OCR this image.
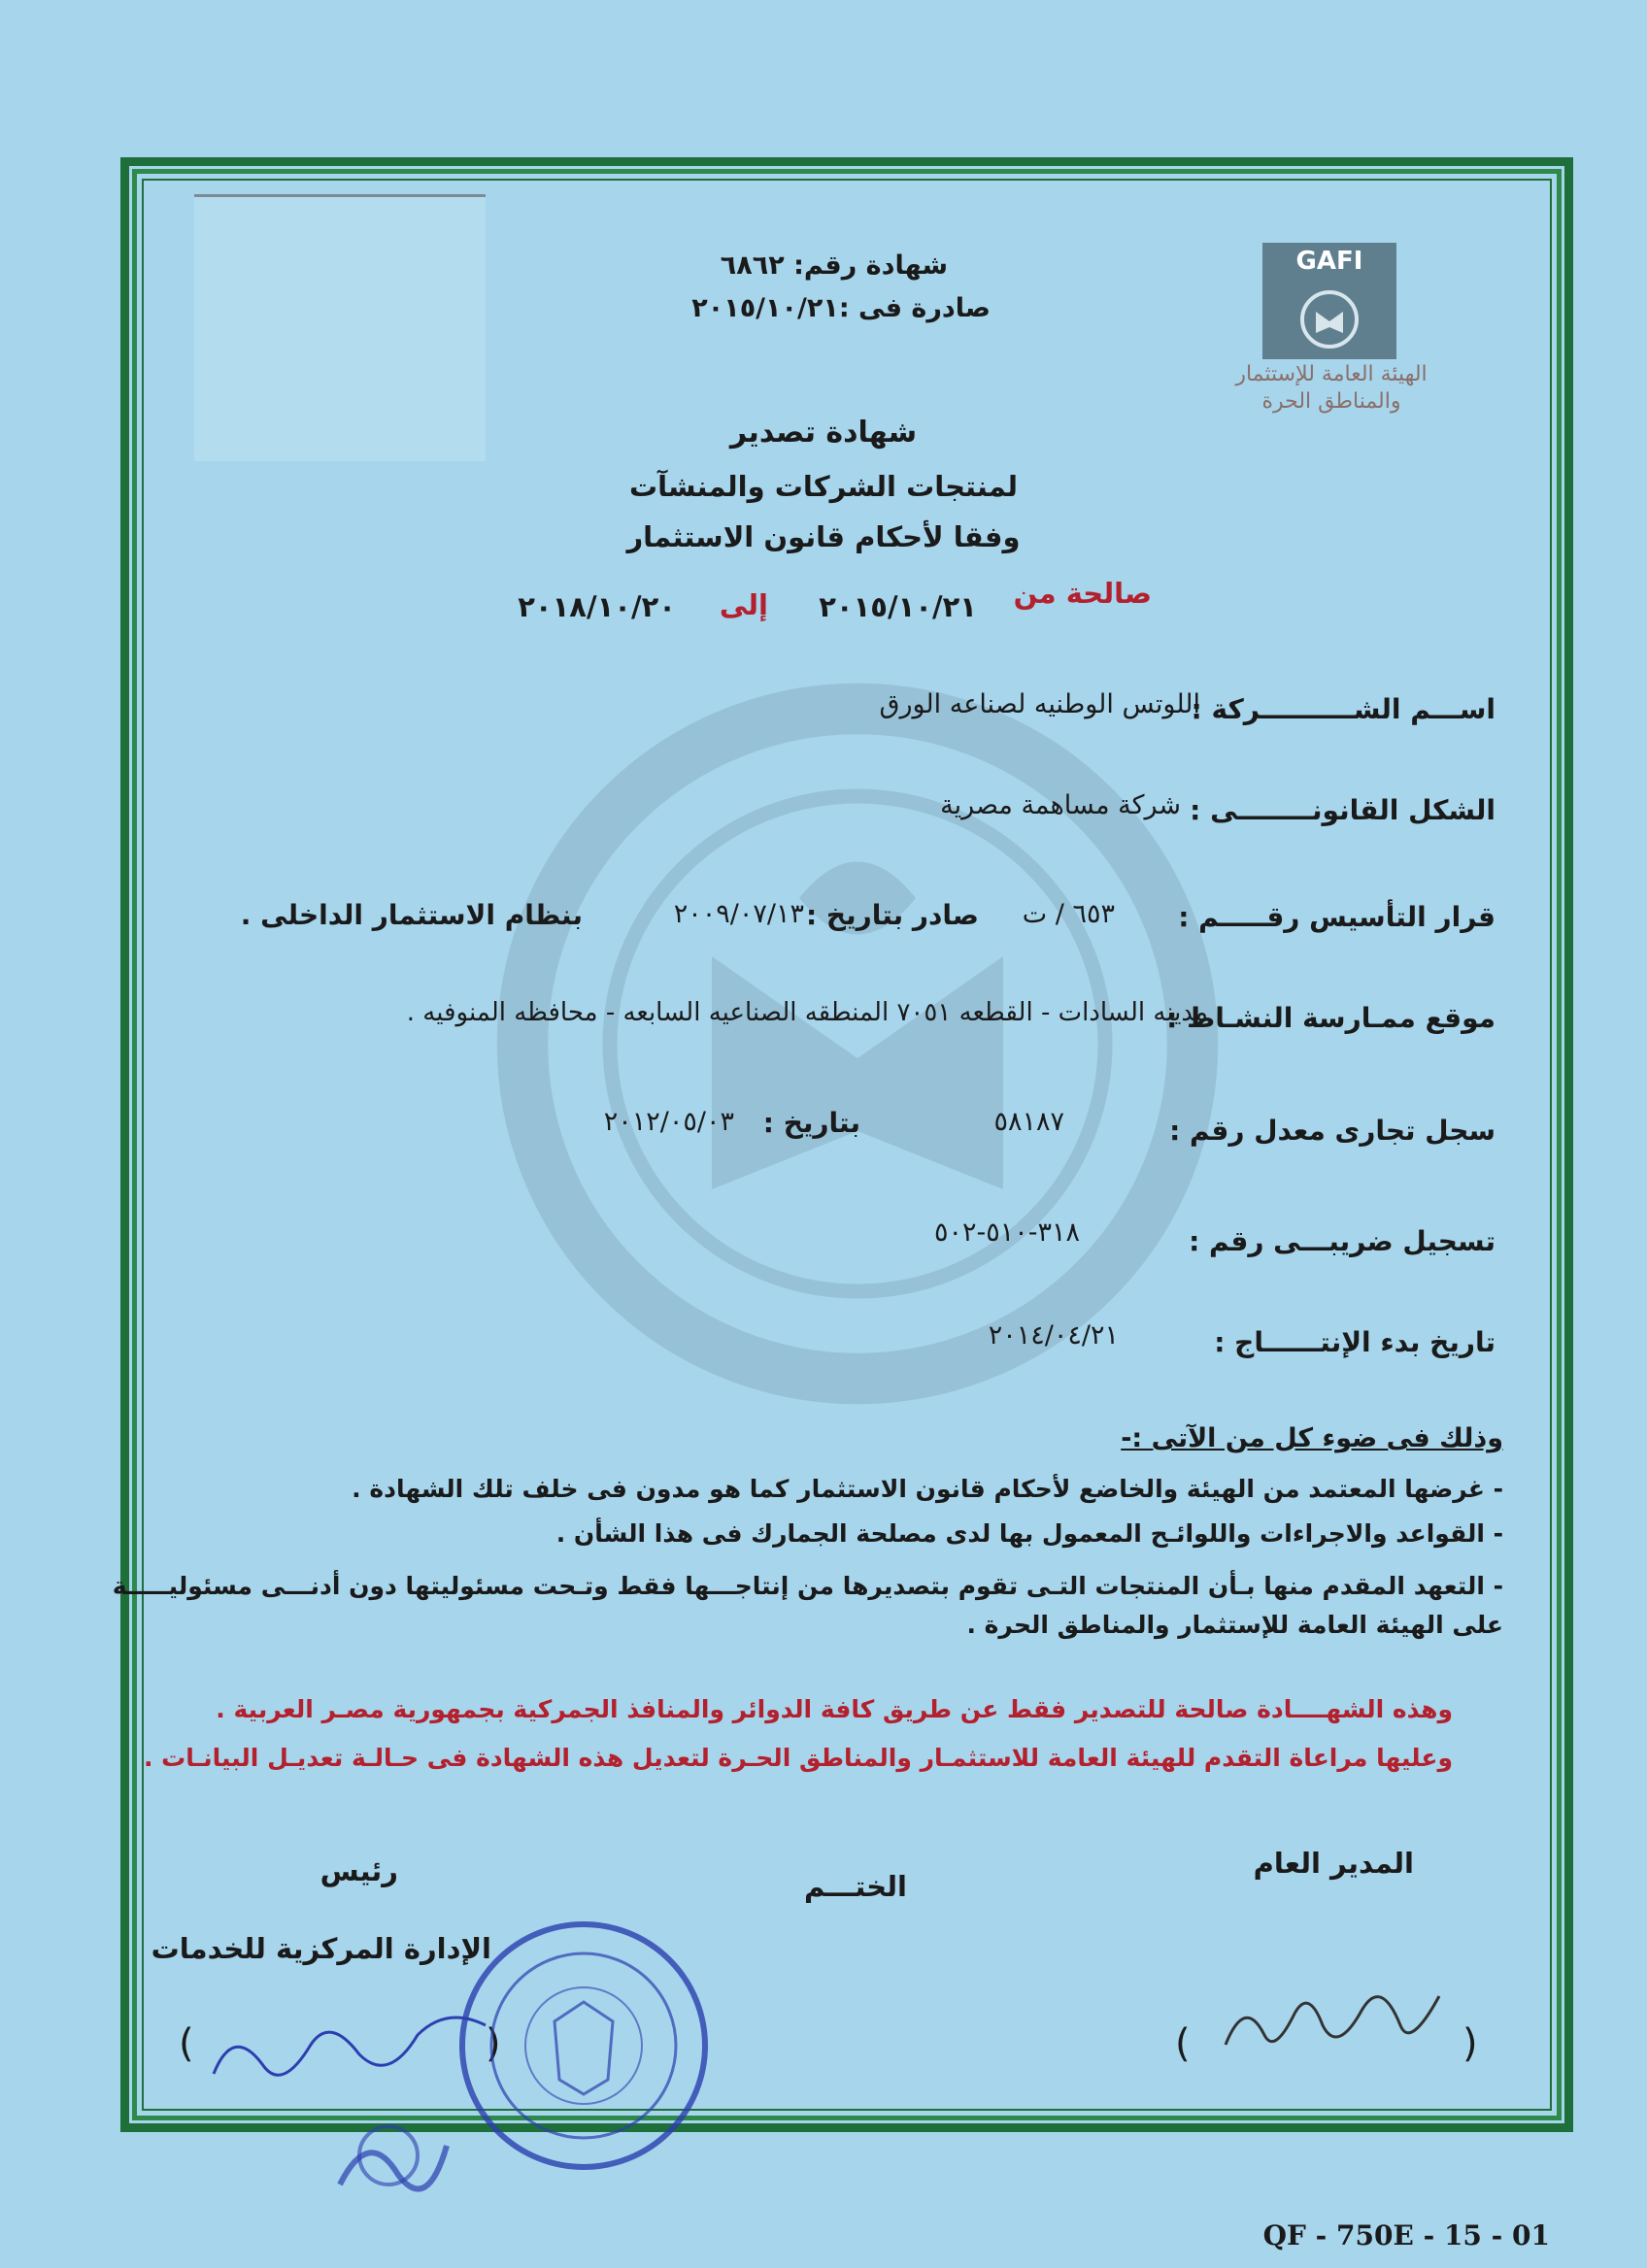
GAFI
الهيئة العامة للإستثمار
والمناطق الحرة
شهادة رقم: ٦٨٦٢
صادرة فى :٢٠١٥/١٠/٢١
شهادة تصدير
لمنتجات الشركات والمنشآت
وفقا لأحكام قانون الاستثمار
صالحة من
٢٠١٥/١٠/٢١
إلى
٢٠١٨/١٠/٢٠
اســـم الشــــــــــركة :
اللوتس الوطنيه لصناعه الورق
الشكل القانونــــــــى :
شركة مساهمة مصرية
قرار التأسيس رقـــــم :
٦٥٣ / ت
صادر بتاريخ :
٢٠٠٩/٠٧/١٣
بنظام الاستثمار الداخلى .
موقع ممـارسة النشـاط :
مدينه السادات - القطعه ٧٠٥١ المنطقه الصناعيه السابعه - محافظه المنوفيه .
سجل تجارى معدل رقم :
٥٨١٨٧
بتاريخ :
٢٠١٢/٠٥/٠٣
تسجيل ضريبـــى رقم :
٣١٨-٥١٠-٥٠٢
تاريخ بدء الإنتــــــاج :
٢٠١٤/٠٤/٢١
وذلك فى ضوء كل من الآتى :-
- غرضها المعتمد من الهيئة والخاضع لأحكام قانون الاستثمار كما هو مدون فى خلف تلك الشهادة .
- القواعد والاجراءات واللوائـح المعمول بها لدى مصلحة الجمارك فى هذا الشأن .
- التعهد المقدم منها بـأن المنتجات التـى تقوم بتصديرها من إنتاجـــها فقط وتـحت مسئوليتها دون أدنـــى مسئوليـــــة على الهيئة العامة للإستثمار والمناطق الحرة .
وهذه الشهــــادة صالحة للتصدير فقط عن طريق كافة الدوائر والمنافذ الجمركية بجمهورية مصـر العربية .
وعليها مراعاة التقدم للهيئة العامة للاستثمـار والمناطق الحـرة لتعديل هذه الشهادة فى حـالـة تعديـل البيانـات .
المدير العام
الختـــم
رئيس
الإدارة المركزية للخدمات
(	)
(	)
QF - 750E - 15 - 01
